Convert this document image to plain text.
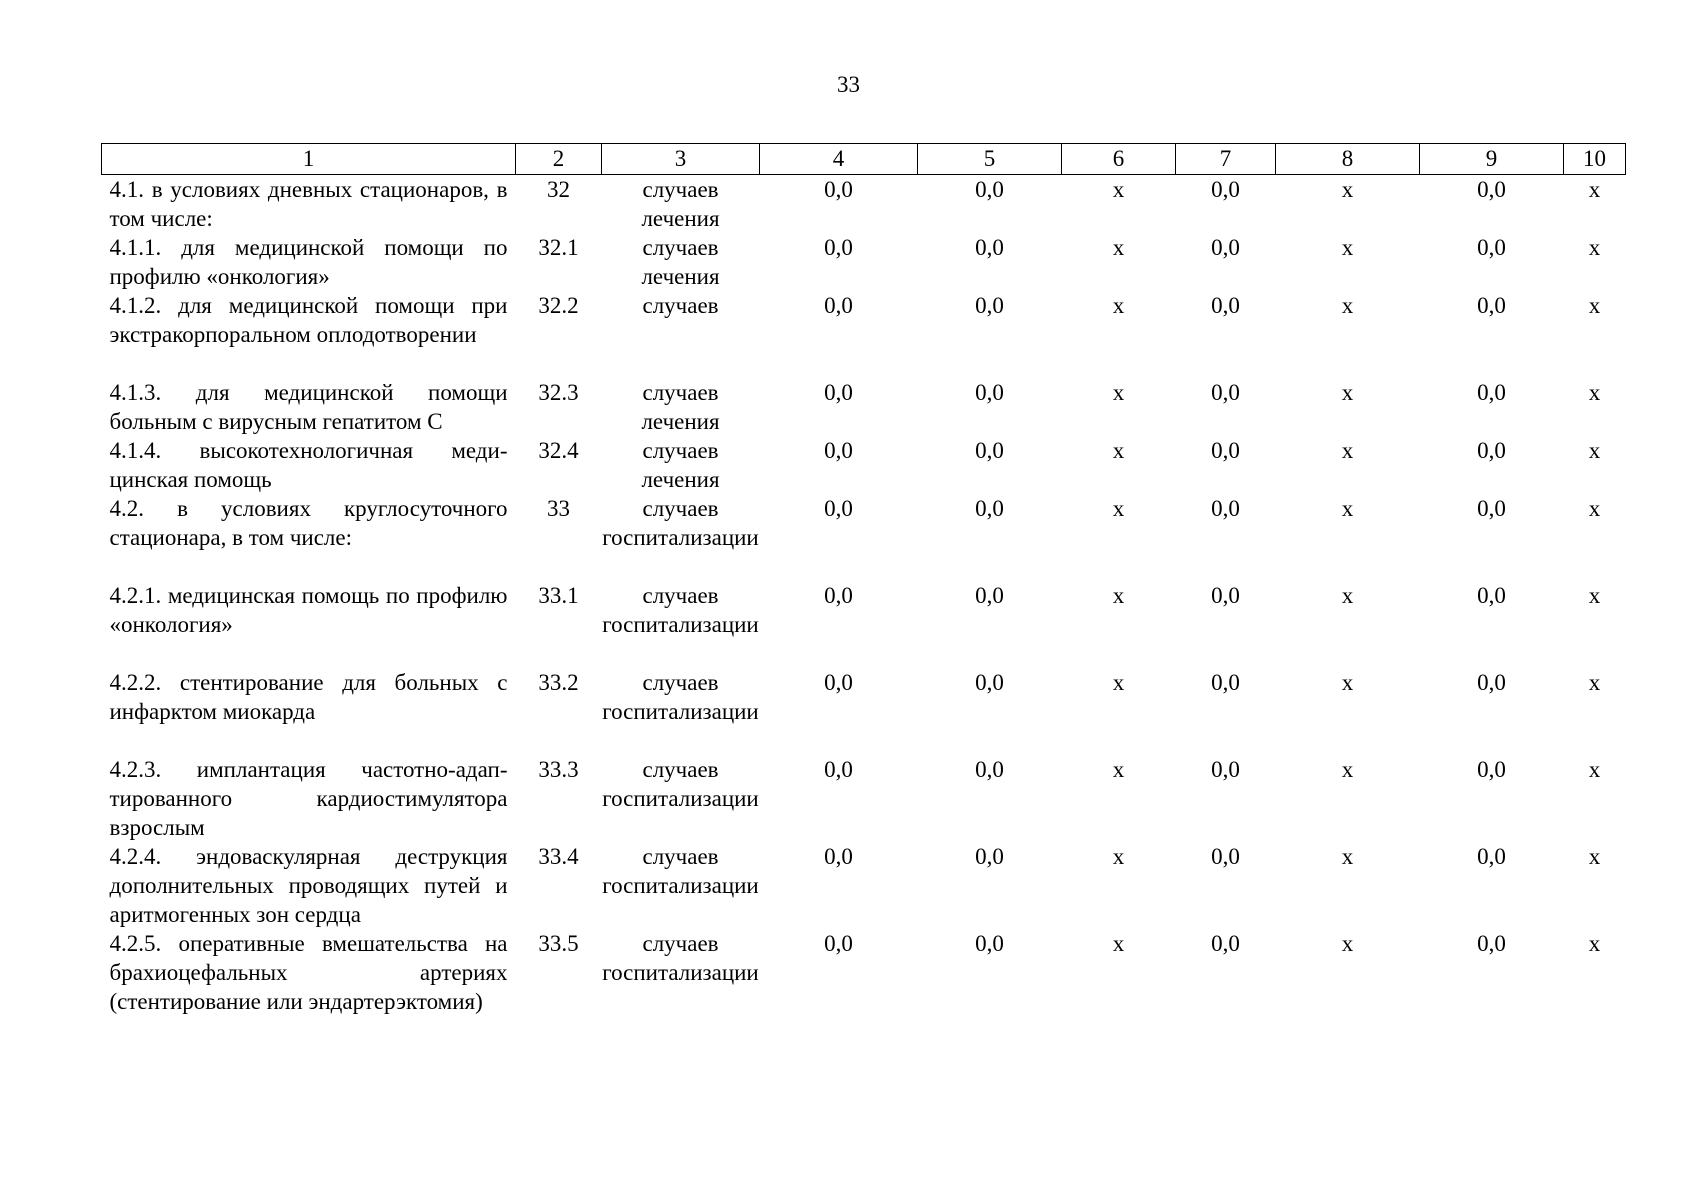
33
1	2	3	4	5	6	7	8	9	10
4.1. в условиях дневных стационаров, в том числе:	32	случаев лечения	0,0	0,0	x	0,0	x	0,0	x
4.1.1. для медицинской помощи по профилю «онкология»	32.1	случаев лечения	0,0	0,0	x	0,0	x	0,0	x
4.1.2. для медицинской помощи при экстракорпоральном оплодотворении	32.2	случаев	0,0	0,0	x	0,0	x	0,0	x
4.1.3. для медицинской помощи больным с вирусным гепатитом С	32.3	случаев лечения	0,0	0,0	x	0,0	x	0,0	x
4.1.4. высокотехнологичная медицинская помощь	32.4	случаев лечения	0,0	0,0	x	0,0	x	0,0	x
4.2. в условиях круглосуточного стационара, в том числе:	33	случаев госпитализации	0,0	0,0	x	0,0	x	0,0	x
4.2.1. медицинская помощь по профилю «онкология»	33.1	случаев госпитализации	0,0	0,0	x	0,0	x	0,0	x
4.2.2. стентирование для больных с инфарктом миокарда	33.2	случаев госпитализации	0,0	0,0	x	0,0	x	0,0	x
4.2.3. имплантация частотно-адаптированного кардиостимулятора взрослым	33.3	случаев госпитализации	0,0	0,0	x	0,0	x	0,0	x
4.2.4. эндоваскулярная деструкция дополнительных проводящих путей и аритмогенных зон сердца	33.4	случаев госпитализации	0,0	0,0	x	0,0	x	0,0	x
4.2.5. оперативные вмешательства на брахиоцефальных артериях (стентирование или эндартерэктомия)	33.5	случаев госпитализации	0,0	0,0	x	0,0	x	0,0	x
